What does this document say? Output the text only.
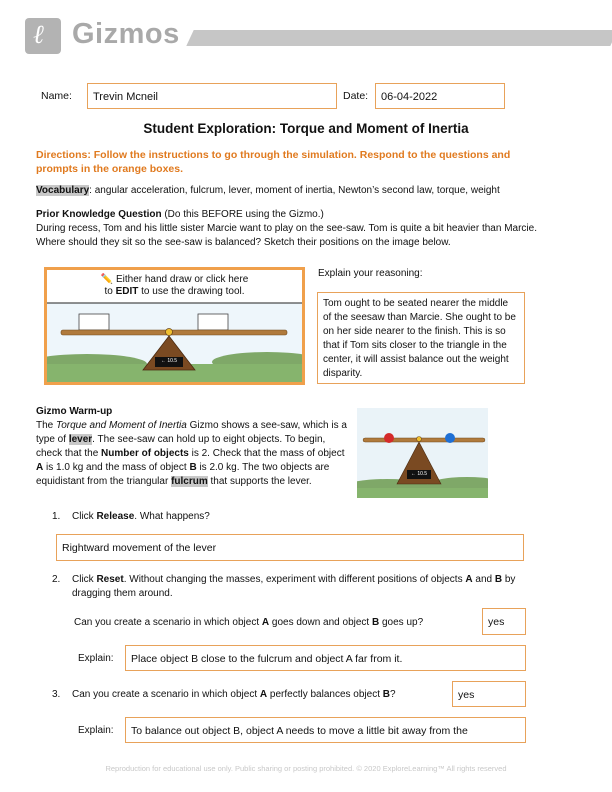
ℓ Gizmos
Name:	Trevin Mcneil	Date:	06-04-2022
Student Exploration: Torque and Moment of Inertia
Directions: Follow the instructions to go through the simulation. Respond to the questions and prompts in the orange boxes.
Vocabulary: angular acceleration, fulcrum, lever, moment of inertia, Newton’s second law, torque, weight
Prior Knowledge Question (Do this BEFORE using the Gizmo.)
During recess, Tom and his little sister Marcie want to play on the see-saw. Tom is quite a bit heavier than Marcie. Where should they sit so the see-saw is balanced? Sketch their positions on the image below.
✏️ Either hand draw or click here
to EDIT to use the drawing tool.
← 10.5
Explain your reasoning:
Tom ought to be seated nearer the middle of the seesaw than Marcie. She ought to be on her side nearer to the finish. This is so that if Tom sits closer to the triangle in the center, it will assist balance out the weight disparity.
Gizmo Warm-up
The Torque and Moment of Inertia Gizmo shows a see-saw, which is a type of lever. The see-saw can hold up to eight objects. To begin, check that the Number of objects is 2. Check that the mass of object A is 1.0 kg and the mass of object B is 2.0 kg. The two objects are equidistant from the triangular fulcrum that supports the lever.
← 10.5
1. Click Release. What happens?
Rightward movement of the lever
2. Click Reset. Without changing the masses, experiment with different positions of objects A and B by dragging them around.
Can you create a scenario in which object A goes down and object B goes up?	yes
Explain:	Place object B close to the fulcrum and object A far from it.
3. Can you create a scenario in which object A perfectly balances object B?	yes
Explain:	To balance out object B, object A needs to move a little bit away from the
Reproduction for educational use only. Public sharing or posting prohibited. © 2020 ExploreLearning™ All rights reserved
